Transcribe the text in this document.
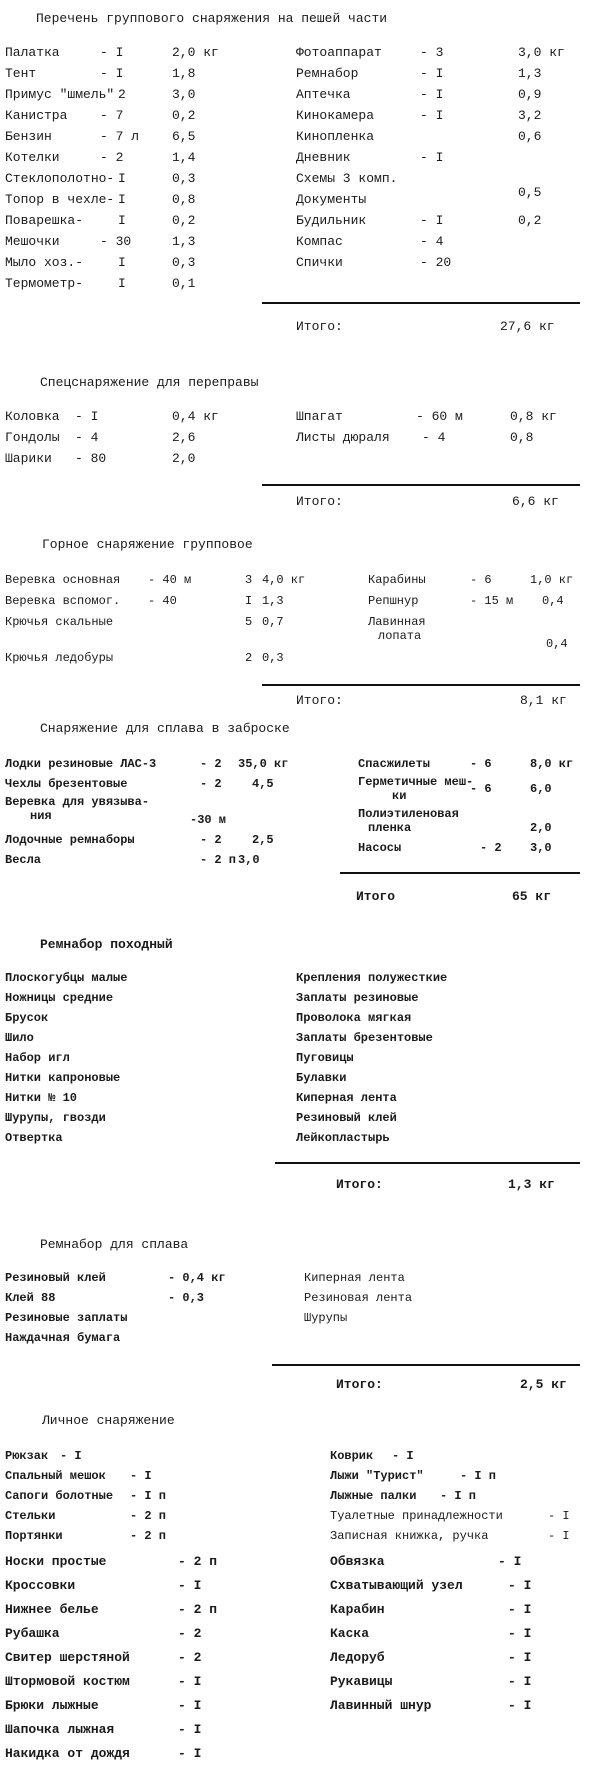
Перечень группового снаряжения на пешей части
Палатка	- I	2,0 кг
Тент	- I	1,8
Примус "шмель" 2	3,0
Канистра	- 7	0,2
Бензин	- 7 л	6,5
Котелки	- 2	1,4
Стеклополотно- I	0,3
Топор в чехле- I	0,8
Поварешка-	I	0,2
Мешочки	- 30	1,3
Мыло хоз.-	I	0,3
Термометр-	I	0,1
Фотоаппарат	- 3	3,0 кг
Ремнабор	- I	1,3
Аптечка	- I	0,9
Кинокамера	- I	3,2
Кинопленка	0,6
Дневник	- I
Схемы 3 комп.
Документы	0,5
Будильник	- I	0,2
Компас	- 4
Спички	- 20
Итого:	27,6 кг
Спецснаряжение для переправы
Коловка - I	0,4 кг
Гондолы - 4	2,6
Шарики - 80	2,0
Шпагат	- 60 м	0,8 кг
Листы дюраля - 4	0,8
Итого:	6,6 кг
Горное снаряжение групповое
Веревка основная - 40 м	3 4,0 кг
Веревка вспомог. - 40	I 1,3
Крючья скальные	5 0,7
Крючья ледобуры	2 0,3
Карабины	- 6	1,0 кг
Репшнур	- 15 м 0,4
Лавинная
лопата
0,4
Итого:	8,1 кг
Снаряжение для сплава в заброске
Лодки резиновые ЛАС-3	- 2 35,0 кг
Чехлы брезентовые	- 2	4,5
Веревка для увязыва-
ния	-30 м
Лодочные ремнаборы	- 2	2,5
Весла	- 2 п 3,0
Спасжилеты	- 6	8,0 кг
Герметичные меш-
ки	- 6	6,0
Полиэтиленовая
пленка	2,0
Насосы	- 2 3,0
Итого	65 кг
Ремнабор походный
Плоскогубцы малые
Ножницы средние
Брусок
Шило
Набор игл
Нитки капроновые
Нитки № 10
Шурупы, гвозди
Отвертка
Крепления полужесткие
Заплаты резиновые
Проволока мягкая
Заплаты брезентовые
Пуговицы
Булавки
Киперная лента
Резиновый клей
Лейкопластырь
Итого:	1,3 кг
Ремнабор для сплава
Резиновый клей	- 0,4 кг
Клей 88	- 0,3
Резиновые заплаты
Наждачная бумага
Киперная лента
Резиновая лента
Шурупы
Итого:	2,5 кг
Личное снаряжение
Рюкзак - I
Спальный мешок - I
Сапоги болотные - I п
Стельки	- 2 п
Портянки	- 2 п
Носки простые	- 2 п
Кроссовки	- I
Нижнее белье	- 2 п
Рубашка	- 2
Свитер шерстяной	- 2
Штормовой костюм	- I
Брюки лыжные	- I
Шапочка лыжная	- I
Накидка от дождя	- I
Коврик - I
Лыжи "Турист"	- I п
Лыжные палки - I п
Туалетные принадлежности	- I
Записная книжка, ручка	- I
Обвязка	- I
Схватывающий узел	- I
Карабин	- I
Каска	- I
Ледоруб	- I
Рукавицы	- I
Лавинный шнур	- I
